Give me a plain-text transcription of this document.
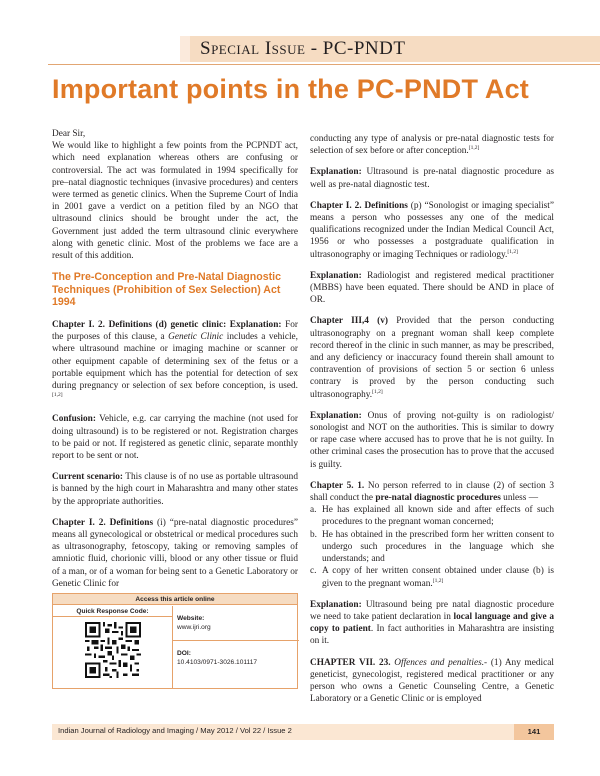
Special Issue - PC-PNDT
Important points in the PC-PNDT Act

Dear Sir,

We would like to highlight a few points from the PCPNDT act, which need explanation whereas others are confusing or controversial. The act was formulated in 1994 specifically for pre–natal diagnostic techniques (invasive procedures) and centers were termed as genetic clinics. When the Supreme Court of India in 2001 gave a verdict on a petition filed by an NGO that ultrasound clinics should be brought under the act, the Government just added the term ultrasound clinic everywhere along with genetic clinic. Most of the problems we face are a result of this addition.

The Pre-Conception and Pre-Natal Diagnostic Techniques (Prohibition of Sex Selection) Act 1994

Chapter I. 2. Definitions (d) genetic clinic: Explanation: For the purposes of this clause, a Genetic Clinic includes a vehicle, where ultrasound machine or imaging machine or scanner or other equipment capable of determining sex of the fetus or a portable equipment which has the potential for detection of sex during pregnancy or selection of sex before conception, is used.[1,2]

Confusion: Vehicle, e.g. car carrying the machine (not used for doing ultrasound) is to be registered or not. Registration charges to be paid or not. If registered as genetic clinic, separate monthly report to be sent or not.

Current scenario: This clause is of no use as portable ultrasound is banned by the high court in Maharashtra and many other states by the appropriate authorities.

Chapter I. 2. Definitions (i) “pre-natal diagnostic procedures” means all gynecological or obstetrical or medical procedures such as ultrasonography, fetoscopy, taking or removing samples of amniotic fluid, chorionic villi, blood or any other tissue or fluid of a man, or of a woman for being sent to a Genetic Laboratory or Genetic Clinic for

Access this article online
Quick Response Code:
Website:
www.ijri.org
DOI:
10.4103/0971-3026.101117

conducting any type of analysis or pre-natal diagnostic tests for selection of sex before or after conception.[1,2]

Explanation: Ultrasound is pre-natal diagnostic procedure as well as pre-natal diagnostic test.

Chapter I. 2. Definitions (p) “Sonologist or imaging specialist” means a person who possesses any one of the medical qualifications recognized under the Indian Medical Council Act, 1956 or who possesses a postgraduate qualification in ultrasonography or imaging Techniques or radiology.[1,2]

Explanation: Radiologist and registered medical practitioner (MBBS) have been equated. There should be AND in place of OR.

Chapter III,4 (v) Provided that the person conducting ultrasonography on a pregnant woman shall keep complete record thereof in the clinic in such manner, as may be prescribed, and any deficiency or inaccuracy found therein shall amount to contravention of provisions of section 5 or section 6 unless contrary is proved by the person conducting such ultrasonography.[1,2]

Explanation: Onus of proving not-guilty is on radiologist/ sonologist and NOT on the authorities. This is similar to dowry or rape case where accused has to prove that he is not guilty. In other criminal cases the prosecution has to prove that the accused is guilty.

Chapter 5. 1. No person referred to in clause (2) of section 3 shall conduct the pre-natal diagnostic procedures unless —

a. He has explained all known side and after effects of such procedures to the pregnant woman concerned;
b. He has obtained in the prescribed form her written consent to undergo such procedures in the language which she understands; and
c. A copy of her written consent obtained under clause (b) is given to the pregnant woman.[1,2]

Explanation: Ultrasound being pre natal diagnostic procedure we need to take patient declaration in local language and give a copy to patient. In fact authorities in Maharashtra are insisting on it.

CHAPTER VII. 23. Offences and penalties.- (1) Any medical geneticist, gynecologist, registered medical practitioner or any person who owns a Genetic Counseling Centre, a Genetic Laboratory or a Genetic Clinic or is employed

Indian Journal of Radiology and Imaging / May 2012 / Vol 22 / Issue 2	141
